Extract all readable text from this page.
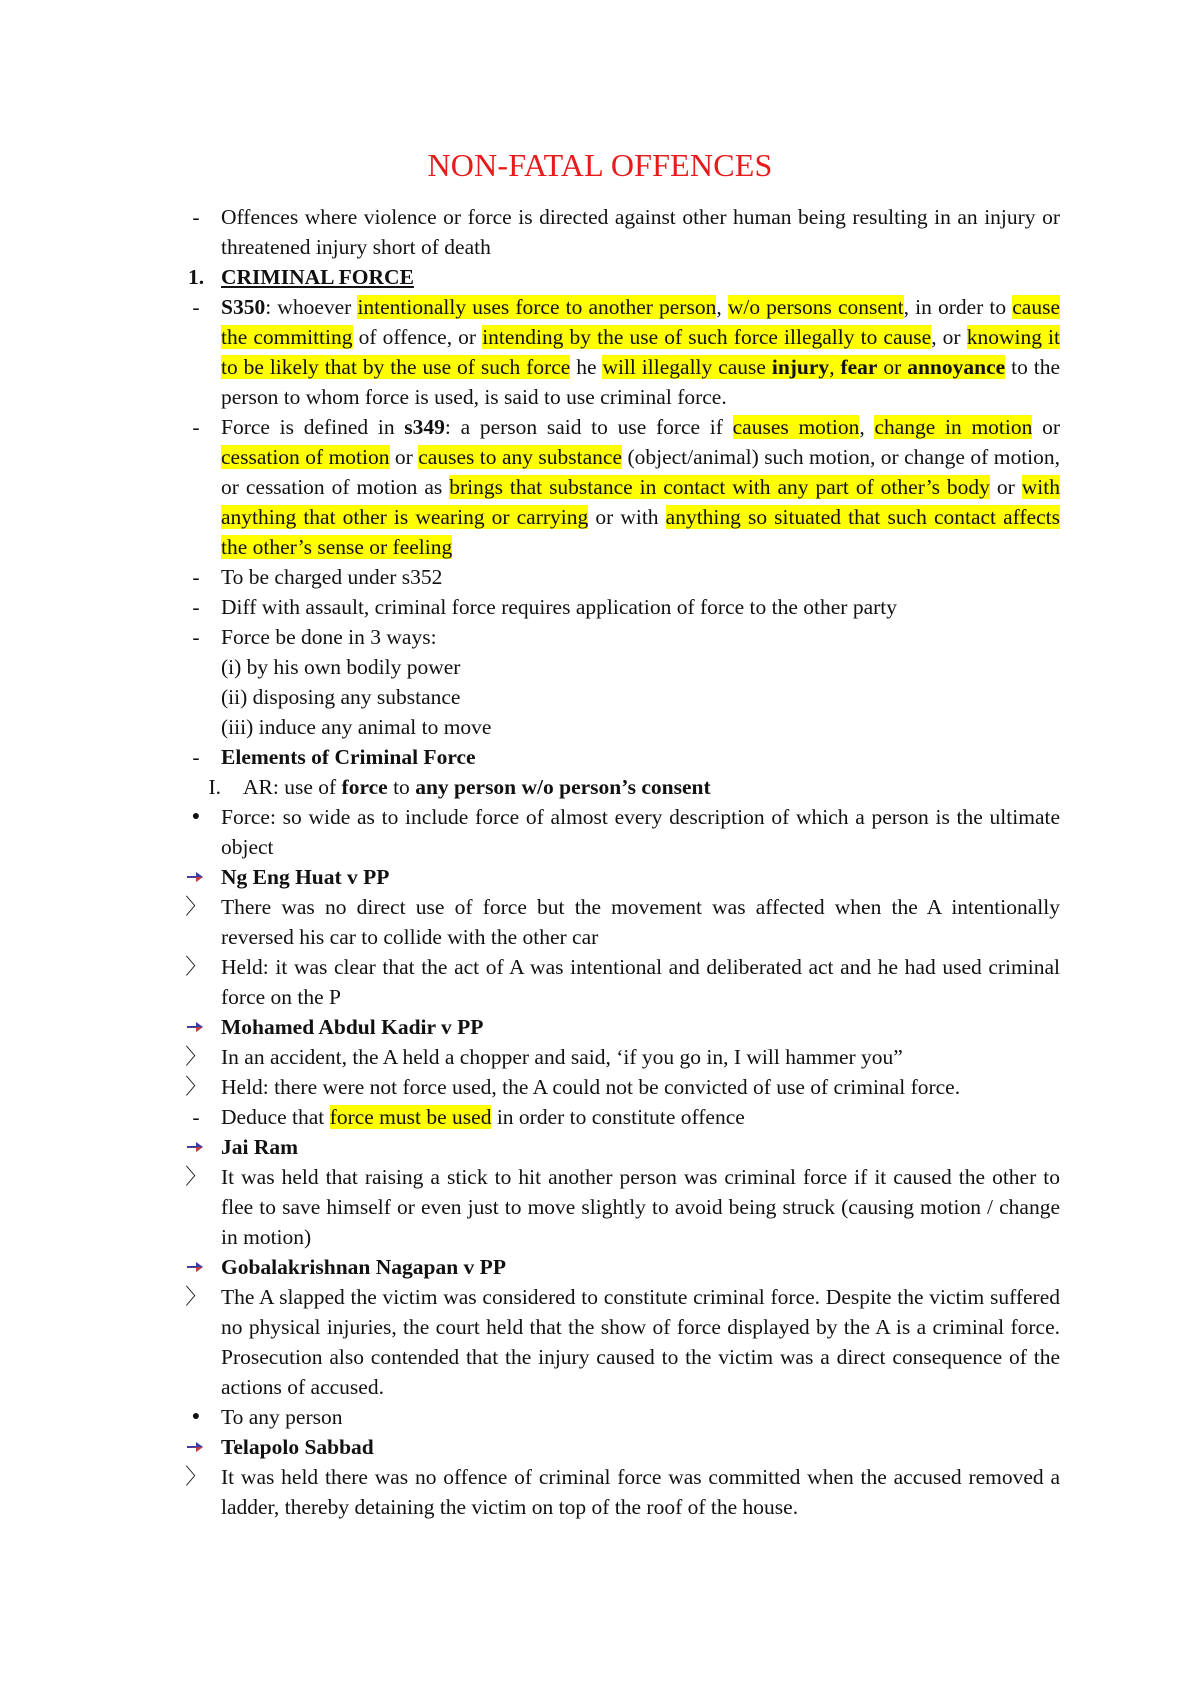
NON-FATAL OFFENCES
- Offences where violence or force is directed against other human being resulting in an injury or threatened injury short of death
1. CRIMINAL FORCE
- S350: whoever intentionally uses force to another person, w/o persons consent, in order to cause the committing of offence, or intending by the use of such force illegally to cause, or knowing it to be likely that by the use of such force he will illegally cause injury, fear or annoyance to the person to whom force is used, is said to use criminal force.
- Force is defined in s349: a person said to use force if causes motion, change in motion or cessation of motion or causes to any substance (object/animal) such motion, or change of motion, or cessation of motion as brings that substance in contact with any part of other’s body or with anything that other is wearing or carrying or with anything so situated that such contact affects the other’s sense or feeling
- To be charged under s352
- Diff with assault, criminal force requires application of force to the other party
- Force be done in 3 ways:
(i) by his own bodily power
(ii) disposing any substance
(iii) induce any animal to move
- Elements of Criminal Force
I. AR: use of force to any person w/o person’s consent
● Force: so wide as to include force of almost every description of which a person is the ultimate object
Ng Eng Huat v PP
〉 There was no direct use of force but the movement was affected when the A intentionally reversed his car to collide with the other car
〉 Held: it was clear that the act of A was intentional and deliberated act and he had used criminal force on the P
Mohamed Abdul Kadir v PP
〉 In an accident, the A held a chopper and said, ‘if you go in, I will hammer you”
〉 Held: there were not force used, the A could not be convicted of use of criminal force.
- Deduce that force must be used in order to constitute offence
Jai Ram
〉 It was held that raising a stick to hit another person was criminal force if it caused the other to flee to save himself or even just to move slightly to avoid being struck (causing motion / change in motion)
Gobalakrishnan Nagapan v PP
〉 The A slapped the victim was considered to constitute criminal force. Despite the victim suffered no physical injuries, the court held that the show of force displayed by the A is a criminal force. Prosecution also contended that the injury caused to the victim was a direct consequence of the actions of accused.
● To any person
Telapolo Sabbad
〉 It was held there was no offence of criminal force was committed when the accused removed a ladder, thereby detaining the victim on top of the roof of the house.
